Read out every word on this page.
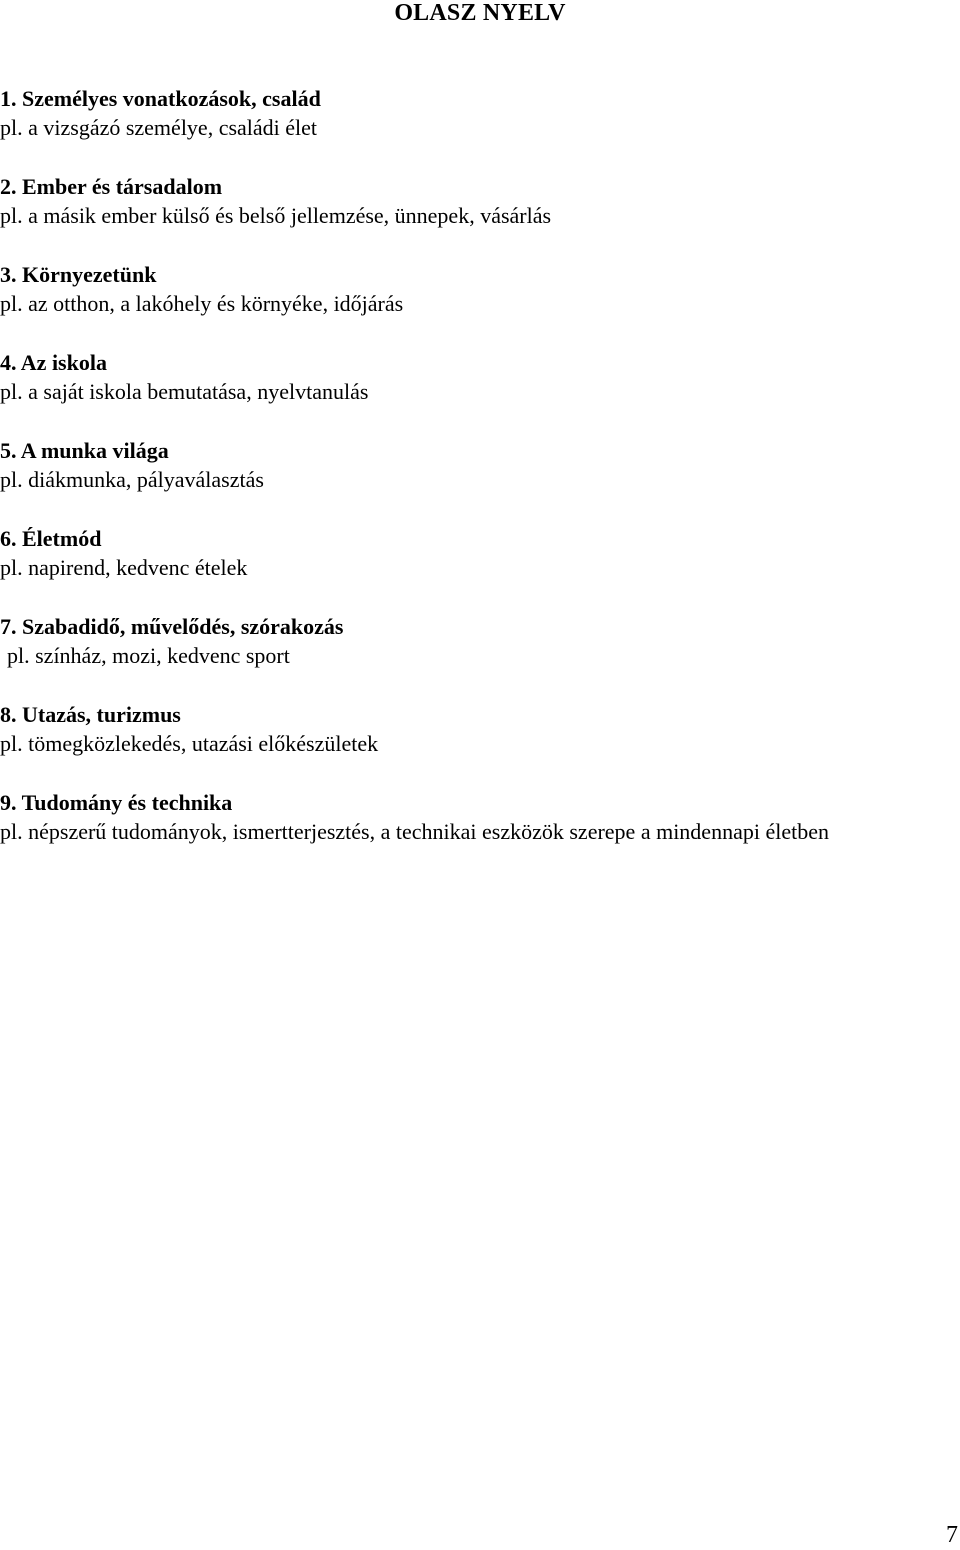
OLASZ NYELV
1. Személyes vonatkozások, család
pl. a vizsgázó személye, családi élet
2. Ember és társadalom
pl. a másik ember külső és belső jellemzése, ünnepek, vásárlás
3. Környezetünk
pl. az otthon, a lakóhely és környéke, időjárás
4. Az iskola
pl. a saját iskola bemutatása, nyelvtanulás
5. A munka világa
pl. diákmunka, pályaválasztás
6. Életmód
pl. napirend, kedvenc ételek
7. Szabadidő, művelődés, szórakozás
pl. színház, mozi, kedvenc sport
8. Utazás, turizmus
pl. tömegközlekedés, utazási előkészületek
9. Tudomány és technika
pl. népszerű tudományok, ismertterjesztés, a technikai eszközök szerepe a mindennapi életben
7
